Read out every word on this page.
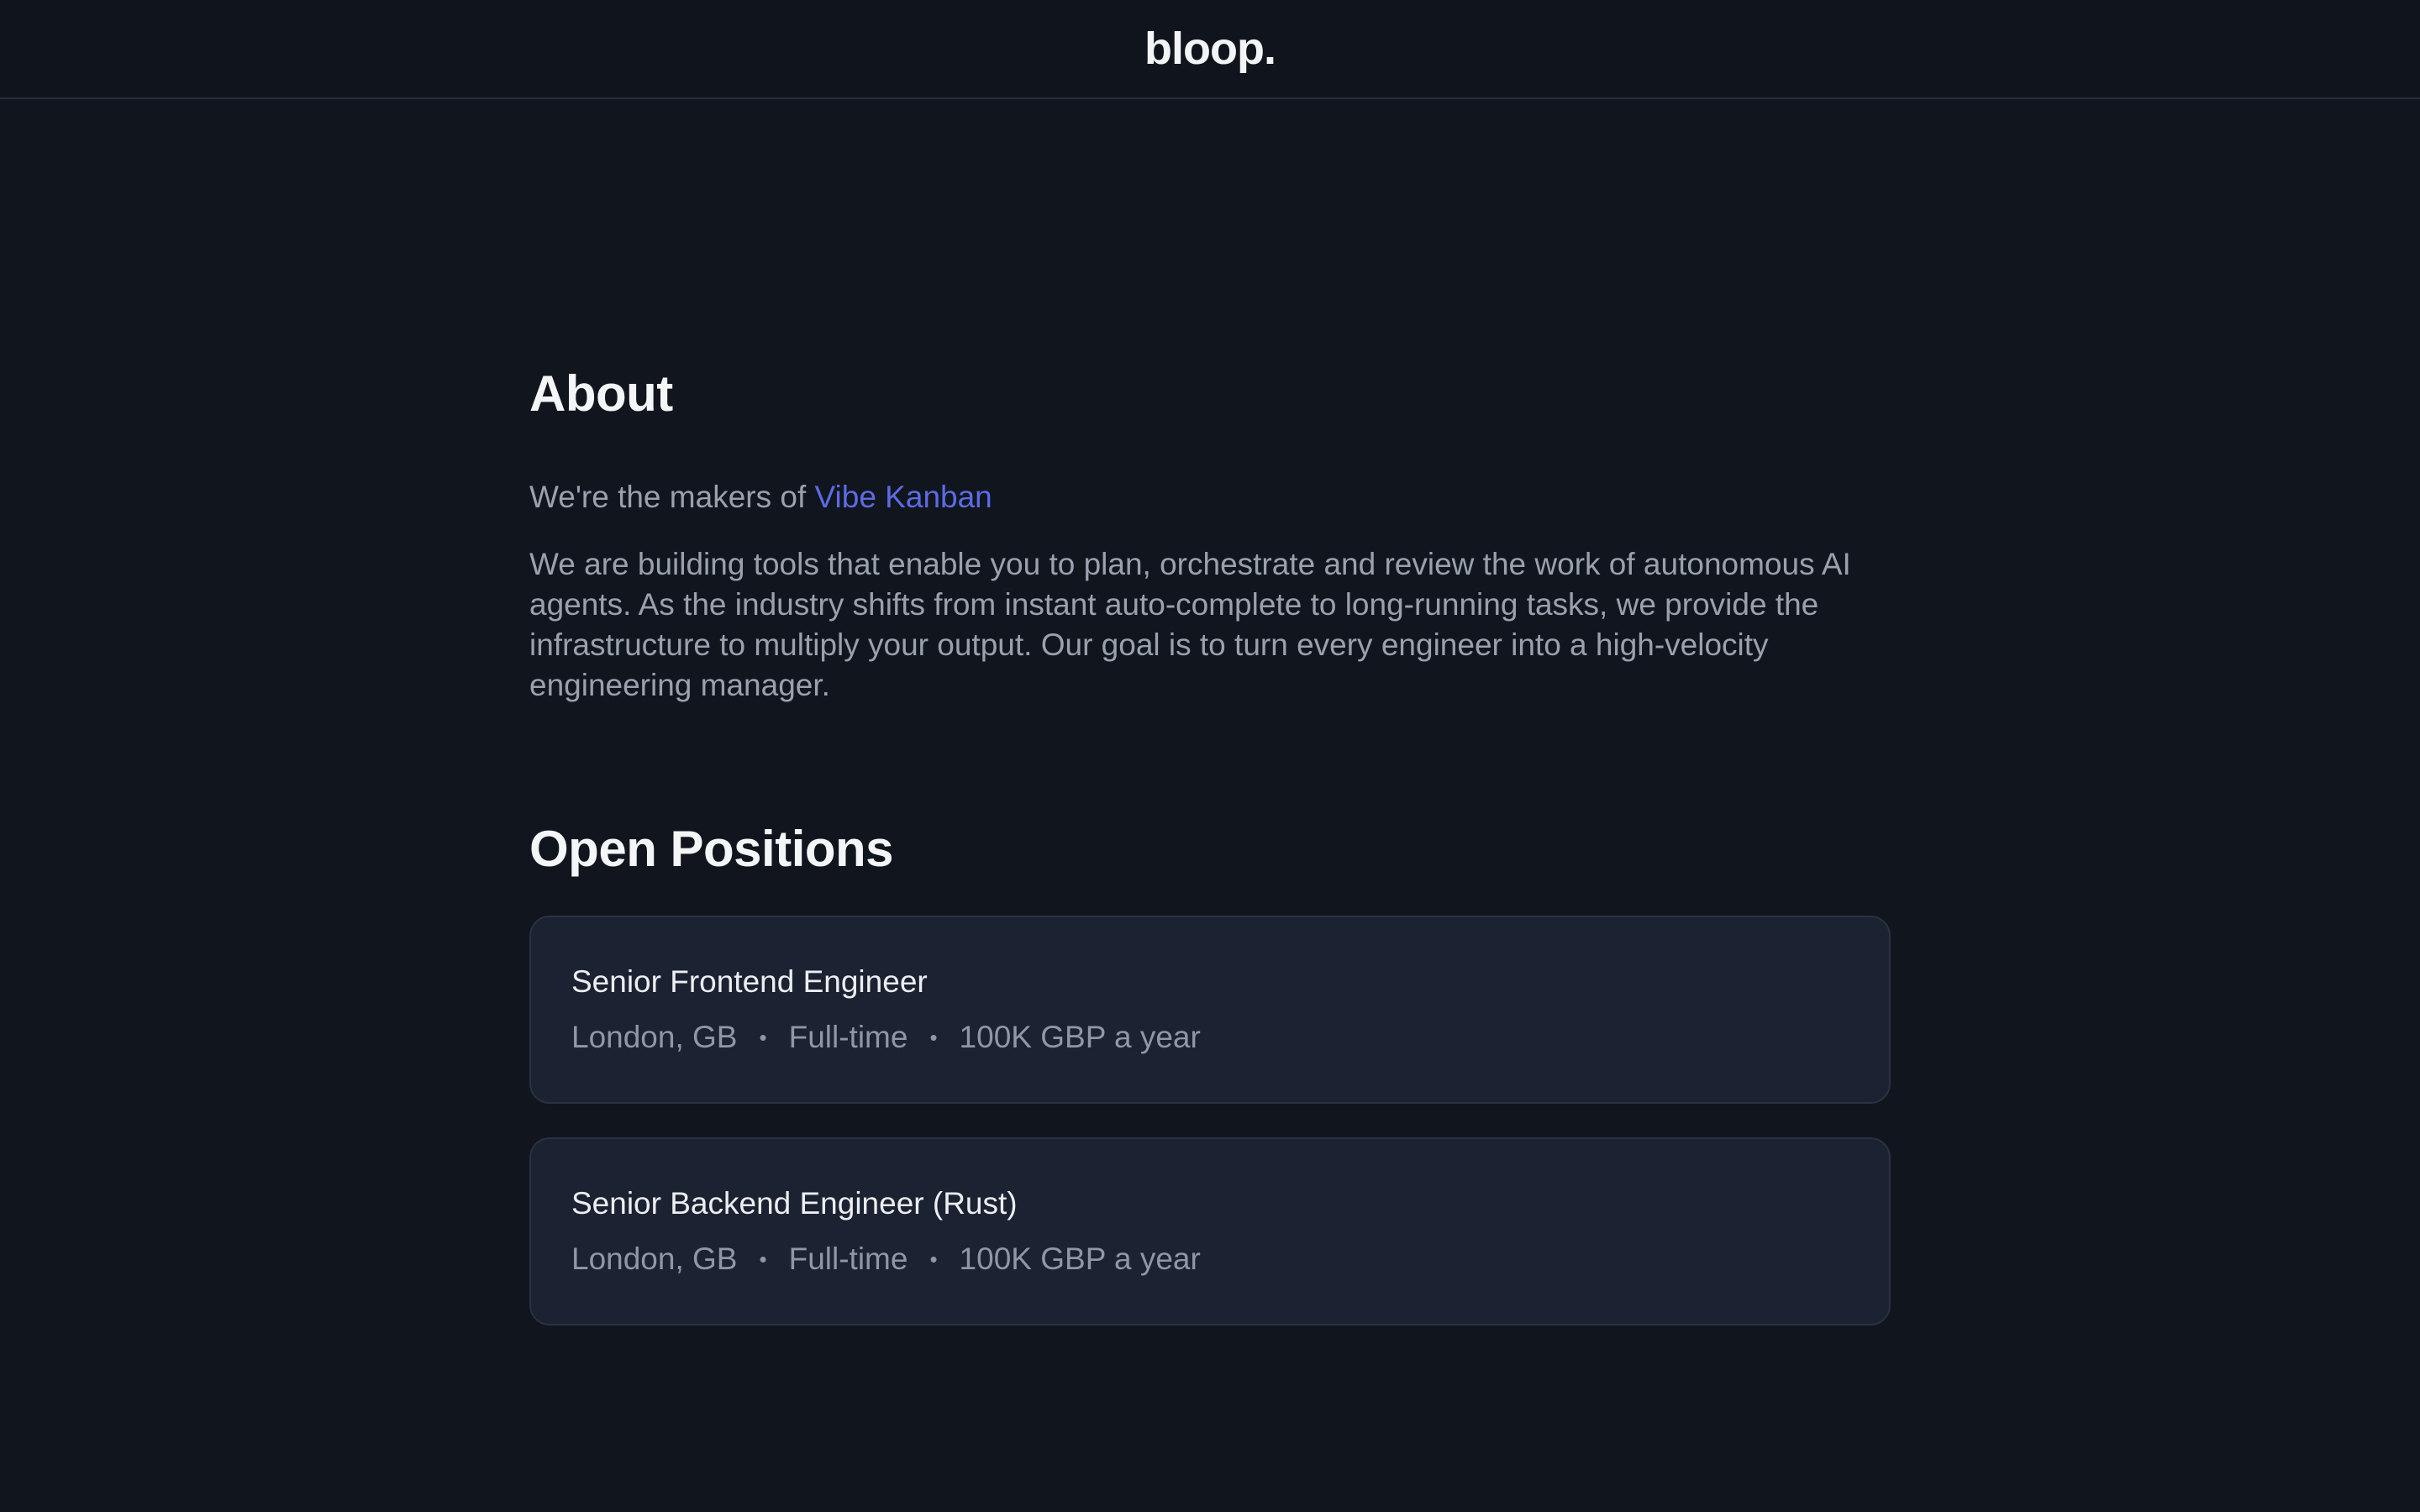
bloop.
About

We're the makers of Vibe Kanban

We are building tools that enable you to plan, orchestrate and review the work of autonomous AI agents. As the industry shifts from instant auto-complete to long-running tasks, we provide the infrastructure to multiply your output. Our goal is to turn every engineer into a high-velocity engineering manager.

Open Positions
Senior Frontend Engineer
London, GB • Full-time • 100K GBP a year
Senior Backend Engineer (Rust)
London, GB • Full-time • 100K GBP a year
